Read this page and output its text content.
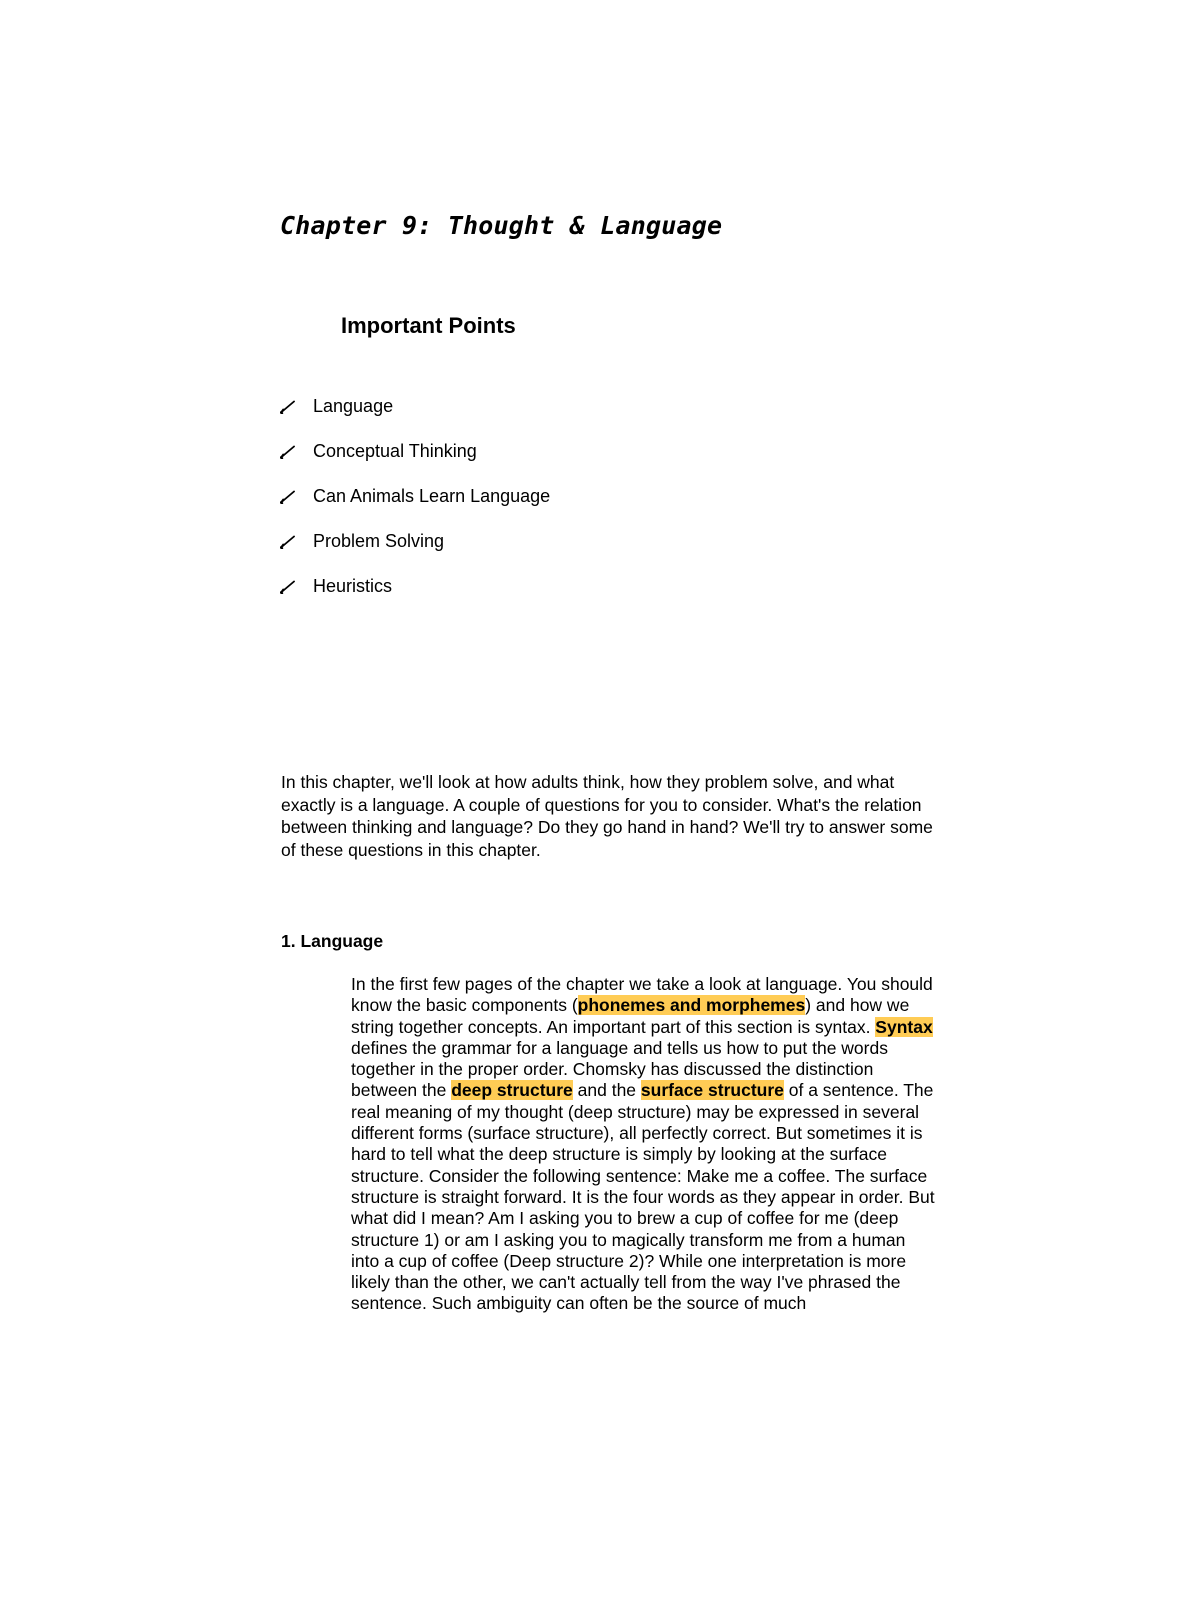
Chapter 9: Thought & Language
Important Points
Language
Conceptual Thinking
Can Animals Learn Language
Problem Solving
Heuristics

In this chapter, we'll look at how adults think, how they problem solve, and what exactly is a language. A couple of questions for you to consider. What's the relation between thinking and language? Do they go hand in hand? We'll try to answer some of these questions in this chapter.

1. Language

In the first few pages of the chapter we take a look at language. You should know the basic components (phonemes and morphemes) and how we string together concepts. An important part of this section is syntax. Syntax defines the grammar for a language and tells us how to put the words together in the proper order. Chomsky has discussed the distinction between the deep structure and the surface structure of a sentence. The real meaning of my thought (deep structure) may be expressed in several different forms (surface structure), all perfectly correct. But sometimes it is hard to tell what the deep structure is simply by looking at the surface structure. Consider the following sentence: Make me a coffee. The surface structure is straight forward. It is the four words as they appear in order. But what did I mean? Am I asking you to brew a cup of coffee for me (deep structure 1) or am I asking you to magically transform me from a human into a cup of coffee (Deep structure 2)? While one interpretation is more likely than the other, we can't actually tell from the way I've phrased the sentence. Such ambiguity can often be the source of much
